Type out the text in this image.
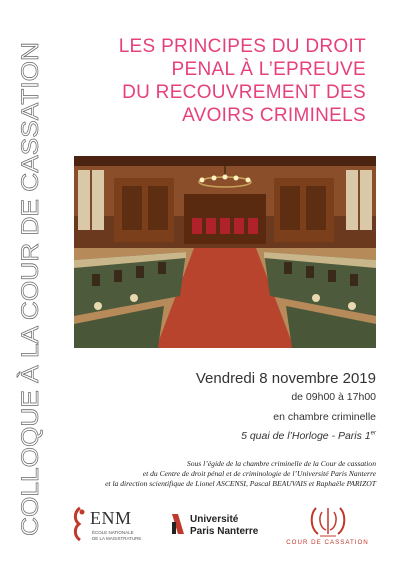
COLLOQUE À LA COUR DE CASSATION
LES PRINCIPES DU DROIT
PENAL À L’EPREUVE
DU RECOUVREMENT DES
AVOIRS CRIMINELS
Vendredi 8 novembre 2019
de 09h00 à 17h00
en chambre criminelle
5 quai de l’Horloge - Paris 1er
Sous l’égide de la chambre criminelle de la Cour de cassation
et du Centre de droit pénal et de criminologie de l’Université Paris Nanterre
et la direction scientifique de Lionel ASCENSI, Pascal BEAUVAIS et Raphaële PARIZOT
ENM
ÉCOLE NATIONALE
DE LA MAGISTRATURE
Université
Paris Nanterre
COUR DE CASSATION
